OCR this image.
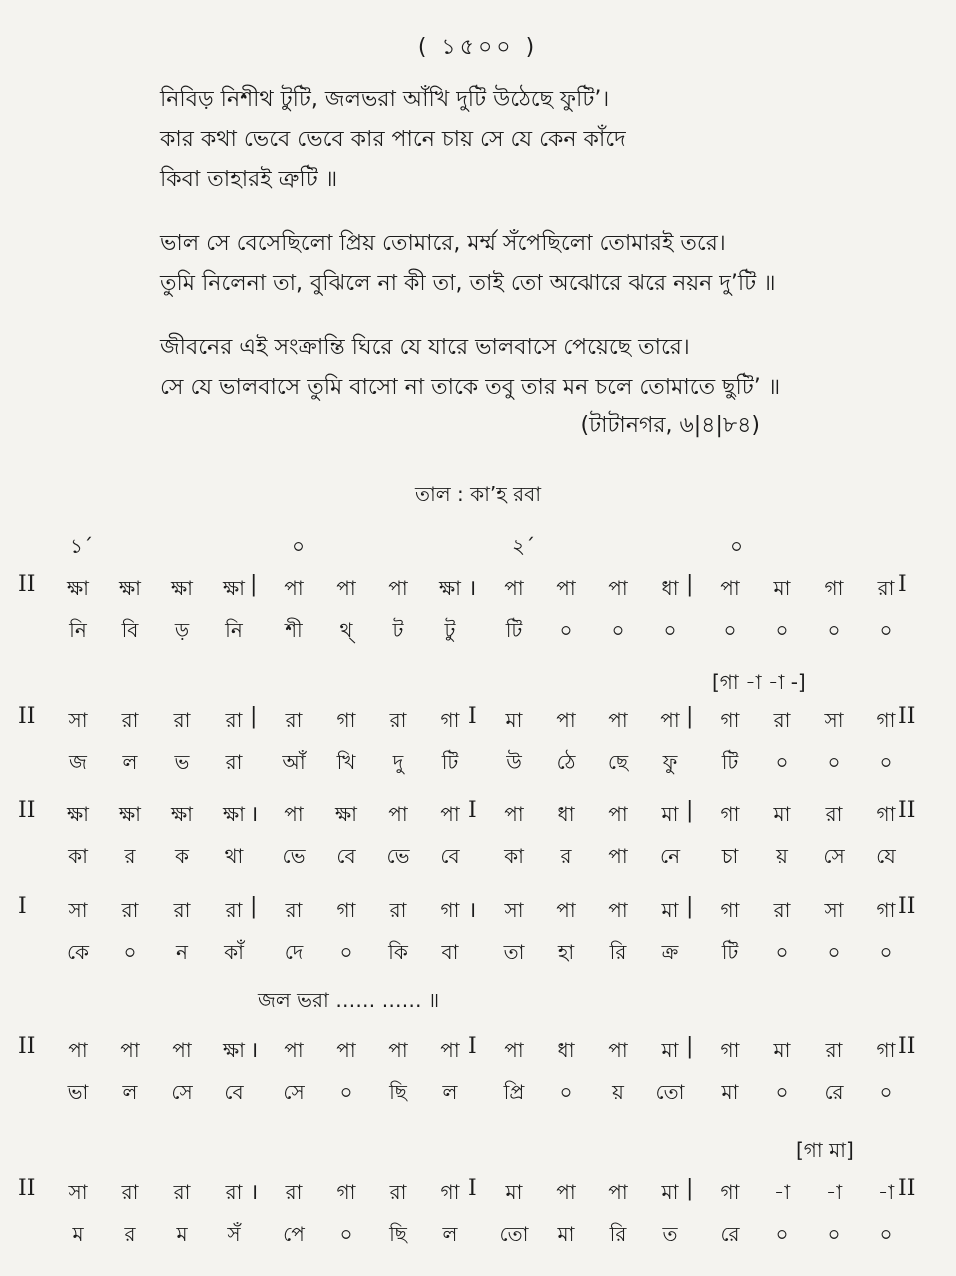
( ১৫০০ )
নিবিড় নিশীথ টুটি, জলভরা আঁখি দুটি উঠেছে ফুটি’।
কার কথা ভেবে ভেবে কার পানে চায় সে যে কেন কাঁদে
কিবা তাহারই ত্রুটি ॥
ভাল সে বেসেছিলো প্রিয় তোমারে, মর্ম্ম সঁপেছিলো তোমারই তরে।
তুমি নিলেনা তা, বুঝিলে না কী তা, তাই তো অঝোরে ঝরে নয়ন দু’টি ॥
জীবনের এই সংক্রান্তি ঘিরে যে যারে ভালবাসে পেয়েছে তারে।
সে যে ভালবাসে তুমি বাসো না তাকে তবু তার মন চলে তোমাতে ছুটি’ ॥
(টাটানগর, ৬|৪|৮৪)
তাল : কা’হ রবা
১´	০	২´	০
II	I
|	।	|
ক্ষা	ক্ষা	ক্ষা	ক্ষা	পা	পা	পা	ক্ষা	পা	পা	পা	ধা	পা	মা	গা	রা
নি	বি	ড়	নি	শী	থ্	ট	টু	টি	০	০	০	০	০	০	০
II	II
|	I	|
সা	রা	রা	রা	রা	গা	রা	গা	মা	পা	পা	পা	গা	রা	সা	গা
জ	ল	ভ	রা	আঁ	খি	দু	টি	উ	ঠে	ছে	ফু	টি	০	০	০
II	II
।	I	|
ক্ষা	ক্ষা	ক্ষা	ক্ষা	পা	ক্ষা	পা	পা	পা	ধা	পা	মা	গা	মা	রা	গা
কা	র	ক	থা	ভে	বে	ভে	বে	কা	র	পা	নে	চা	য়	সে	যে
I	II
|	।	|
সা	রা	রা	রা	রা	গা	রা	গা	সা	পা	পা	মা	গা	রা	সা	গা
কে	০	ন	কাঁ	দে	০	কি	বা	তা	হা	রি	ক্র	টি	০	০	০
II	II
।	I	|
পা	পা	পা	ক্ষা	পা	পা	পা	পা	পা	ধা	পা	মা	গা	মা	রা	গা
ভা	ল	সে	বে	সে	০	ছি	ল	প্রি	০	য়	তো	মা	০	রে	০
II	II
।	I	|
সা	রা	রা	রা	রা	গা	রা	গা	মা	পা	পা	মা	গা	-া	-া	-া
ম	র	ম	সঁ	পে	০	ছি	ল	তো	মা	রি	ত	রে	০	০	০
[গা -া -া -]
জল ভরা …… …… ॥
[গা মা]
